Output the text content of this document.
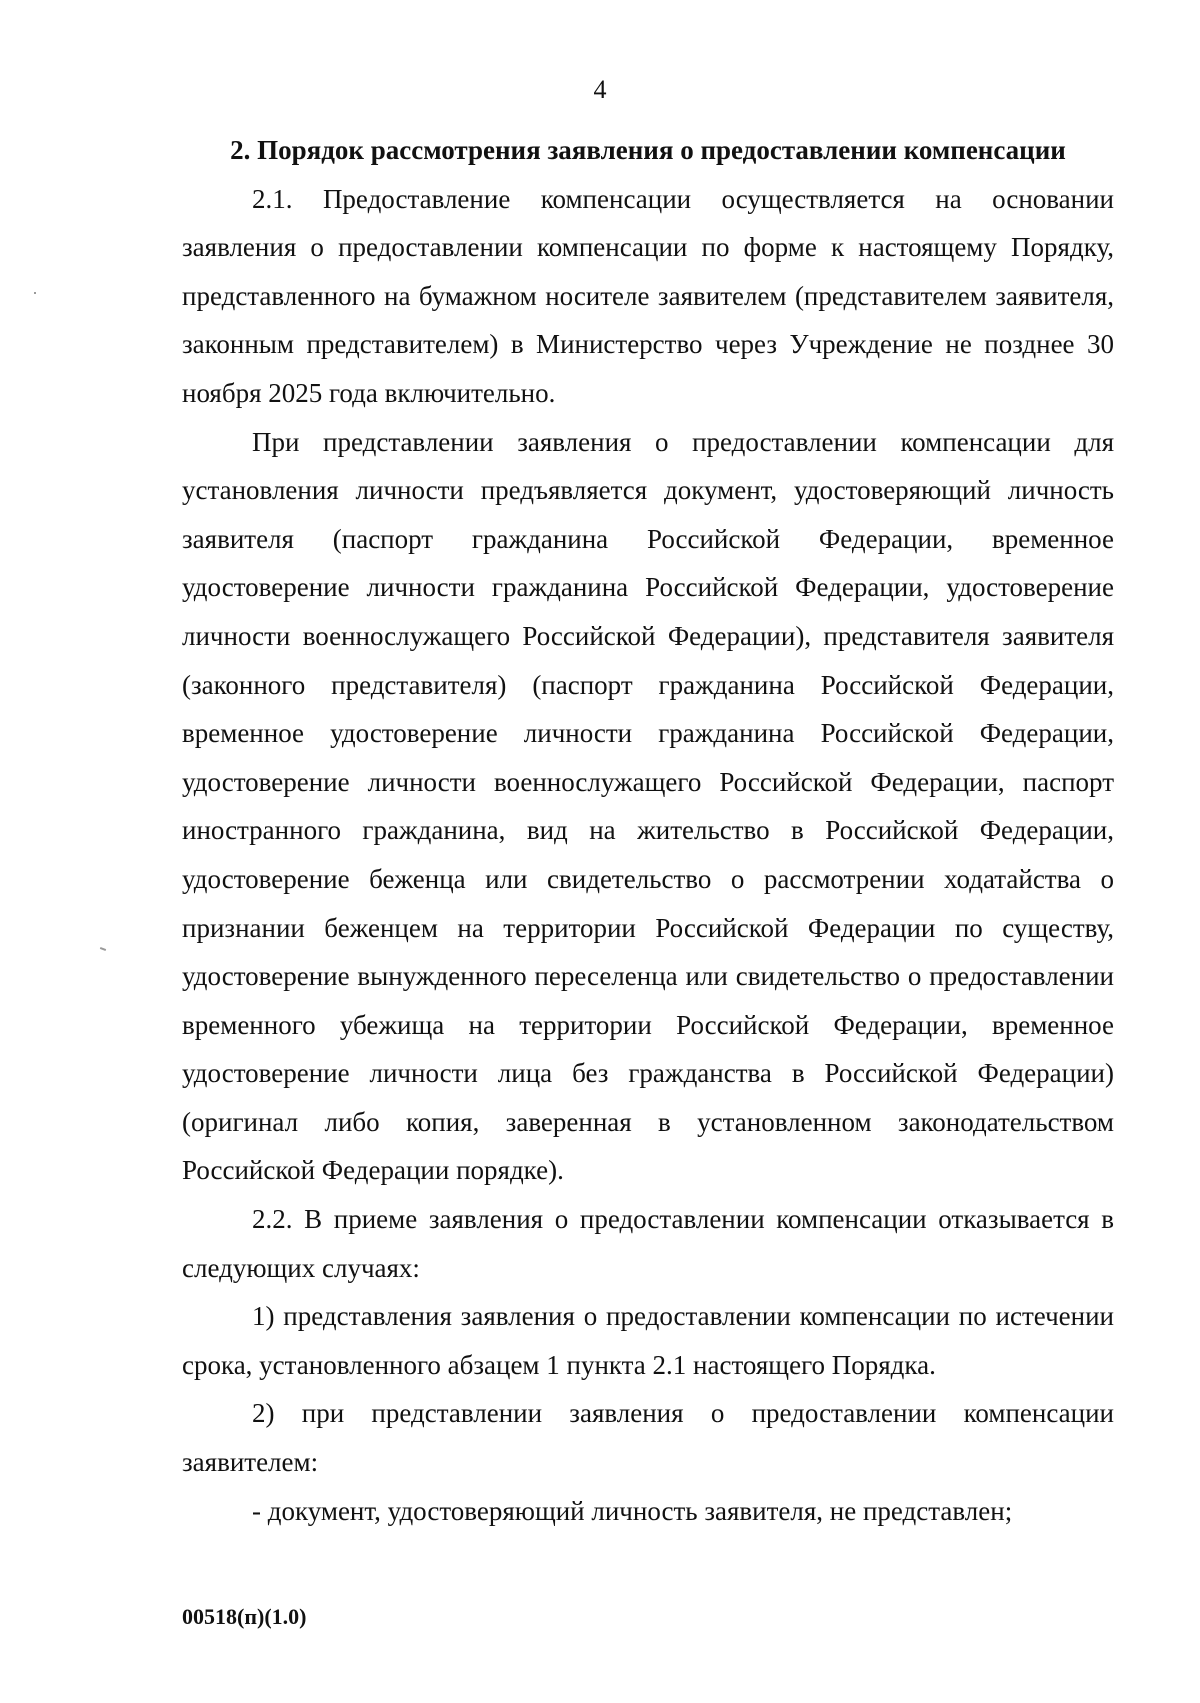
4

2. Порядок рассмотрения заявления о предоставлении компенсации

2.1. Предоставление компенсации осуществляется на основании заявления о предоставлении компенсации по форме к настоящему Порядку, представленного на бумажном носителе заявителем (представителем заявителя, законным представителем) в Министерство через Учреждение не позднее 30 ноября 2025 года включительно.

При представлении заявления о предоставлении компенсации для установления личности предъявляется документ, удостоверяющий личность заявителя (паспорт гражданина Российской Федерации, временное удостоверение личности гражданина Российской Федерации, удостоверение личности военнослужащего Российской Федерации), представителя заявителя (законного представителя) (паспорт гражданина Российской Федерации, временное удостоверение личности гражданина Российской Федерации, удостоверение личности военнослужащего Российской Федерации, паспорт иностранного гражданина, вид на жительство в Российской Федерации, удостоверение беженца или свидетельство о рассмотрении ходатайства о признании беженцем на территории Российской Федерации по существу, удостоверение вынужденного переселенца или свидетельство о предоставлении временного убежища на территории Российской Федерации, временное удостоверение личности лица без гражданства в Российской Федерации) (оригинал либо копия, заверенная в установленном законодательством Российской Федерации порядке).

2.2. В приеме заявления о предоставлении компенсации отказывается в следующих случаях:

1) представления заявления о предоставлении компенсации по истечении срока, установленного абзацем 1 пункта 2.1 настоящего Порядка.

2) при представлении заявления о предоставлении компенсации заявителем:

- документ, удостоверяющий личность заявителя, не представлен;

00518(п)(1.0)
